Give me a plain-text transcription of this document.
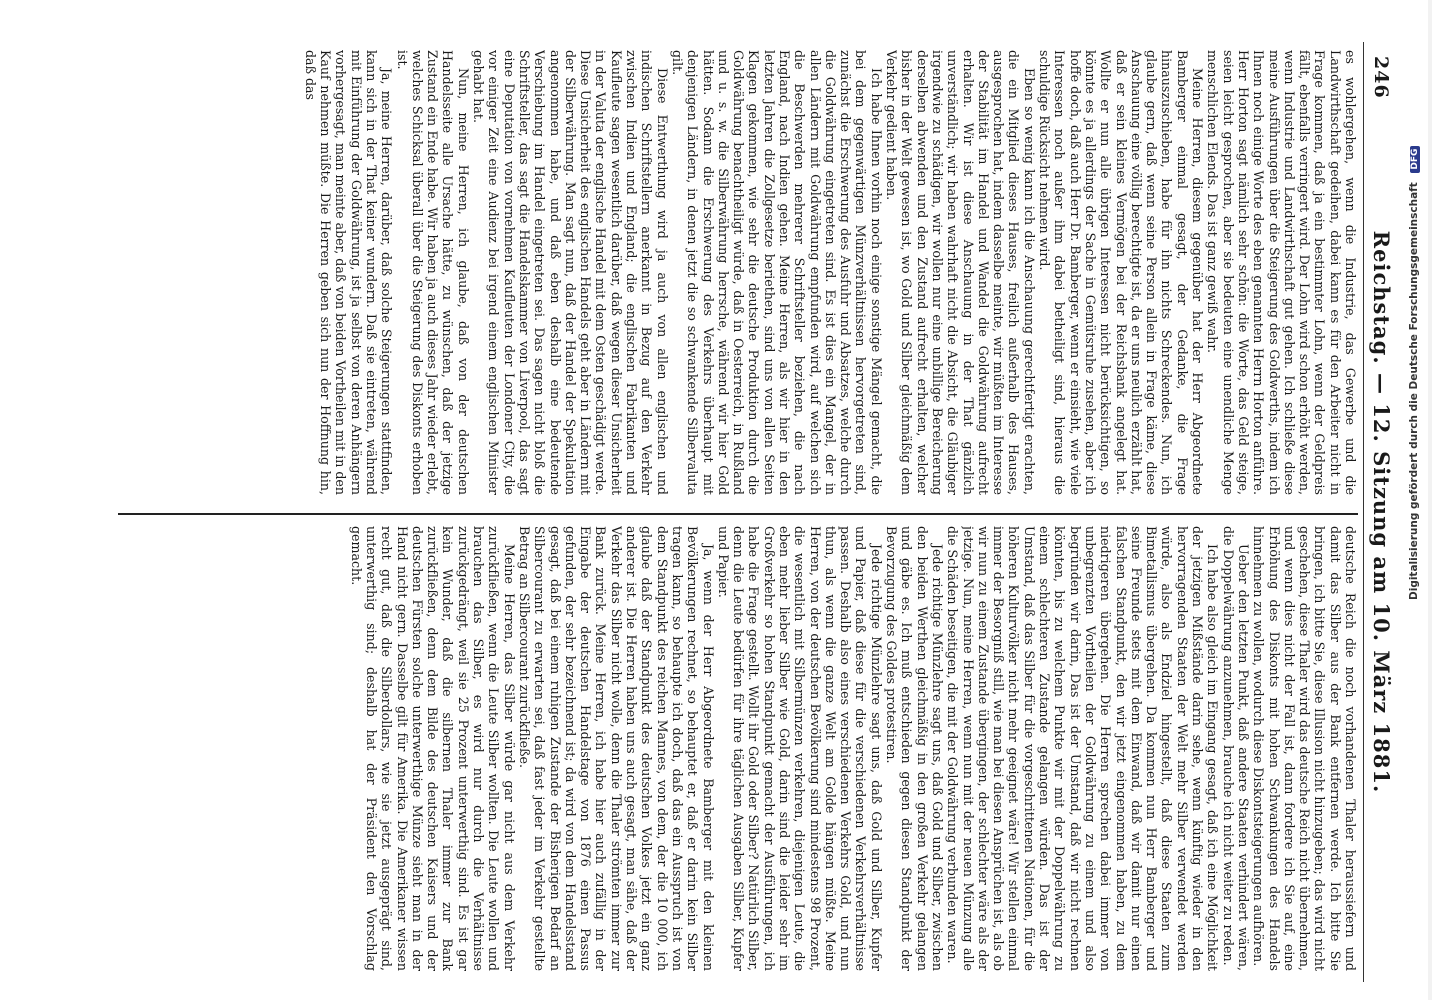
246
Reichstag. — 12. Sitzung am 10. März 1881.

es wohlergehen, wenn die Industrie, das Gewerbe und die Landwirthschaft gedeihen, dabei kann es für den Arbeiter nicht in Frage kommen, daß ja ein bestimmter Lohn, wenn der Geldpreis fällt, ebenfalls verringert wird. Der Lohn wird schon erhöht werden, wenn Industrie und Landwirthschaft gut gehen. Ich schließe diese meine Ausführungen über die Steigerung des Goldwerths, indem ich Ihnen noch einige Worte des eben genannten Herrn Horton anführe. Herr Horton sagt nämlich sehr schön: die Worte, das Geld steige, seien leicht gesprochen, aber sie bedeuten eine unendliche Menge menschlichen Elends. Das ist ganz gewiß wahr.

Meine Herren, diesem gegenüber hat der Herr Abgeordnete Bamberger einmal gesagt, der Gedanke, die Frage hinauszuschieben, habe für ihn nichts Schreckendes. Nun, ich glaube gern, daß wenn seine Person allein in Frage käme, diese Anschauung eine völlig berechtigte ist, da er uns neulich erzählt hat, daß er sein kleines Vermögen bei der Reichsbank angelegt hat. Wollte er nun alle übrigen Interessen nicht berücksichtigen, so könnte es ja allerdings der Sache in Gemütsruhe zusehen, aber ich hoffe doch, daß auch Herr Dr. Bamberger, wenn er einsieht, wie viele Interessen noch außer ihm dabei betheiligt sind, hieraus die schuldige Rücksicht nehmen wird.

Eben so wenig kann ich die Anschauung gerechtfertigt erachten, die ein Mitglied dieses Hauses, freilich außerhalb des Hauses, ausgesprochen hat, indem dasselbe meinte, wir müßten im Interesse der Stabilität im Handel und Wandel die Goldwährung aufrecht erhalten. Wir ist diese Anschauung in der That gänzlich unverständlich; wir haben wahrhaft nicht die Absicht, die Gläubiger irgendwie zu schädigen, wir wollen nur eine unbillige Bereicherung derselben abwenden und den Zustand aufrecht erhalten, welcher bisher in der Welt gewesen ist, wo Gold und Silber gleichmäßig dem Verkehr gedient haben.

Ich habe Ihnen vorhin noch einige sonstige Mängel gemacht, die bei dem gegenwärtigen Münzverhältnissen hervorgetreten sind, zunächst die Erschwerung des Ausfuhr und Absatzes, welche durch die Goldwährung eingetreten sind. Es ist dies ein Mangel, der in allen Ländern mit Goldwährung empfunden wird, auf welchen sich die Beschwerden mehrerer Schriftsteller beziehen, die nach England, nach Indien gehen. Meine Herren, als wir hier in den letzten Jahren die Zollgesetze beriethen, sind uns von allen Seiten Klagen gekommen, wie sehr die deutsche Produktion durch die Goldwährung benachtheiligt würde, daß in Oesterreich, in Rußland und u. s. w. die Silberwährung herrsche, während wir hier Gold hätten. Sodann die Erschwerung des Verkehrs überhaupt mit denjenigen Ländern, in denen jetzt die so schwankende Silbervaluta gilt.

Diese Entwerthung wird ja auch von allen englischen und indischen Schriftstellern anerkannt in Bezug auf den Verkehr zwischen Indien und England; die englischen Fabrikanten und Kaufleute sagen wesentlich darüber, daß wegen dieser Unsicherheit in der Valuta der englische Handel mit dem Osten geschädigt werde. Diese Unsicherheit des englischen Handels geht aber in Ländern mit der Silberwährung. Man sagt nun, daß der Handel der Spekulation angenommen habe, und daß eben deshalb eine bedeutende Verschiebung im Handel eingetreten sei. Das sagen nicht bloß die Schriftsteller, das sagt die Handelskammer von Liverpool, das sagt eine Deputation von vornehmen Kaufleuten der Londoner City, die vor einiger Zeit eine Audienz bei irgend einem englischen Minister gehabt hat.

Nun, meine Herren, ich glaube, daß von der deutschen Handelsseite alle Ursache hätte, zu wünschen, daß der jetzige Zustand ein Ende habe. Wir haben ja auch dieses Jahr wieder erlebt, welches Schicksal überall über die Steigerung des Diskonts erhoben ist.

Ja, meine Herren, darüber, daß solche Steigerungen stattfinden, kann sich in der That keiner wundern. Daß sie eintreten, während mit Einführung der Goldwährung, ist ja selbst von deren Anhängern vorhergesagt, man meinte aber, daß von beiden Vortheilen mit in den Kauf nehmen müßte. Die Herren geben sich nun der Hoffnung hin, daß das

deutsche Reich die noch vorhandenen Thaler heraussiefern und damit das Silber aus der Bank entfernen werde. Ich bitte Sie bringen, ich bitte Sie, diese Illusion nicht hinzugeben; das wird nicht geschehen, diese Thaler wird das deutsche Reich nicht übernehmen, und wenn dies nicht der Fall ist, dann fordere ich Sie auf, eine Erhöhung des Diskonts mit hohen Schwankungen des Handels hinnehmen zu wollen, wodurch diese Diskontsteigerungen aufhören.

Ueber den letzten Punkt, daß andere Staaten verhindert wären, die Doppelwährung anzunehmen, brauche ich nicht weiter zu reden.

Ich habe also gleich im Eingang gesagt, daß ich eine Möglichkeit der jetzigen Mißstände darin sehe, wenn künftig wieder in den hervorragenden Staaten der Welt mehr Silber verwendet werden würde, also als Endziel hingestellt, daß diese Staaten zum Bimetallismus übergehen. Da kommen nun Herr Bamberger und seine Freunde stets mit dem Einwand, daß wir damit nur einen falschen Standpunkt, den wir jetzt eingenommen haben, zu dem niedrigeren übergehen. Die Herren sprechen dabei immer von unbegrenzten Vortheilen der Goldwährung zu einem und also begründen wir darin, Das ist der Umstand, daß wir nicht rechnen könnten, bis zu welchem Punkte wir mit der Doppelwährung zu einem schlechteren Zustande gelangen würden. Das ist der Umstand, daß das Silber für die vorgeschrittenen Nationen, für die höheren Kulturvölker nicht mehr geeignet wäre! Wir stellen einmal immer der Besorgniß still, wie man bei diesen Ansprüchen ist, als ob wir nun zu einem Zustande übergingen, der schlechter wäre als der jetzige. Nun, meine Herren, wenn nun mit der neuen Münzung alle die Schäden beseitigen, die mit der Goldwährung verbunden waren.

Jede richtige Münzlehre sagt uns, daß Gold und Silber, zwischen den beiden Werthen gleichmäßig in den großen Verkehr gelangen und gäbe es. Ich muß entschieden gegen diesen Standpunkt der Bevorzugung des Goldes protestiren.

Jede richtige Münzlehre sagt uns, daß Gold und Silber, Kupfer und Papier, daß diese für die verschiedenen Verkehrsverhältnisse passen. Deshalb also eines verschiedenen Verkehrs Gold, und nun thun, als wenn die ganze Welt am Golde hängen müßte. Meine Herren, von der deutschen Bevölkerung sind mindestens 98 Prozent, die wesentlich mit Silbermünzen verkehren, diejenigen Leute, die eben mehr lieber Silber wie Gold, darin sind die leider sehr im Großverkehr so hohen Standpunkt gemacht der Ausführungen, ich habe die Frage gestellt. Wollt ihr Gold oder Silber? Natürlich Silber, denn die Leute bedürfen für ihre täglichen Ausgaben Silber, Kupfer und Papier.

Ja, wenn der Herr Abgeordnete Bamberger mit den kleinen Bevölkerungen rechnet, so behauptet er, daß er darin kein Silber tragen kann, so behaupte ich doch, daß das ein Ausspruch ist von dem Standpunkt des reichen Mannes, von dem, der die 10 000, ich glaube daß der Standpunkt des deutschen Volkes jetzt ein ganz anderer ist. Die Herren haben uns auch gesagt, man sähe, daß der Verkehr das Silber nicht wolle, denn die Thaler strömten immer zur Bank zurück. Meine Herren, ich habe hier auch zufällig in der Eingabe der deutschen Handelstage von 1876 einen Passus gefunden, der sehr bezeichnend ist; da wird von dem Handelsstand gesagt, daß bei einem ruhigen Zustande der Bisherigen Bedarf an Silbercourant zu erwarten sei, daß fast jeder im Verkehr gestellte Betrag an Silbercourant zurückfließe.

Meine Herren, das Silber würde gar nicht aus dem Verkehr zurückfließen, wenn die Leute Silber wollten. Die Leute wollen und brauchen das Silber, es wird nur durch die Verhältnisse zurückgedrängt, weil sie 25 Prozent unterwerthig sind. Es ist gar kein Wunder, daß die silbernen Thaler immer zur Bank zurückfließen, denn dem Bilde des deutschen Kaisers und der deutschen Fürsten solche unterwerthige Münze sieht man in der Hand nicht gern. Dasselbe gilt für Amerika. Die Amerikaner wissen recht gut, daß die Silberdollars, wie sie jetzt ausgeprägt sind, unterwerthig sind; deshalb hat der Präsident den Vorschlag gemacht.	Digitalisierung gefördert durch die Deutsche Forschungsgemeinschaft DFG
